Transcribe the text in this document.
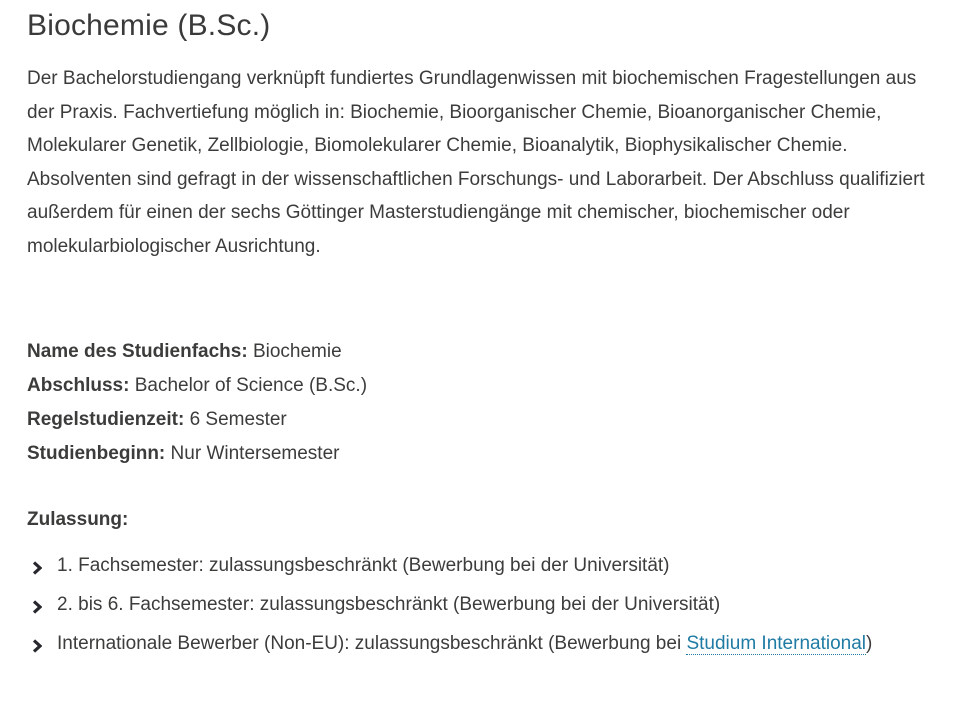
Biochemie (B.Sc.)

Der Bachelorstudiengang verknüpft fundiertes Grundlagenwissen mit biochemischen Fragestellungen aus der Praxis. Fachvertiefung möglich in: Biochemie, Bioorganischer Chemie, Bioanorganischer Chemie, Molekularer Genetik, Zellbiologie, Biomolekularer Chemie, Bioanalytik, Biophysikalischer Chemie. Absolventen sind gefragt in der wissenschaftlichen Forschungs- und Laborarbeit. Der Abschluss qualifiziert außerdem für einen der sechs Göttinger Masterstudiengänge mit chemischer, biochemischer oder molekularbiologischer Ausrichtung.

Name des Studienfachs: Biochemie
Abschluss: Bachelor of Science (B.Sc.)
Regelstudienzeit: 6 Semester
Studienbeginn: Nur Wintersemester
Zulassung:
1. Fachsemester: zulassungsbeschränkt (Bewerbung bei der Universität)
2. bis 6. Fachsemester: zulassungsbeschränkt (Bewerbung bei der Universität)
Internationale Bewerber (Non-EU): zulassungsbeschränkt (Bewerbung bei Studium International)
